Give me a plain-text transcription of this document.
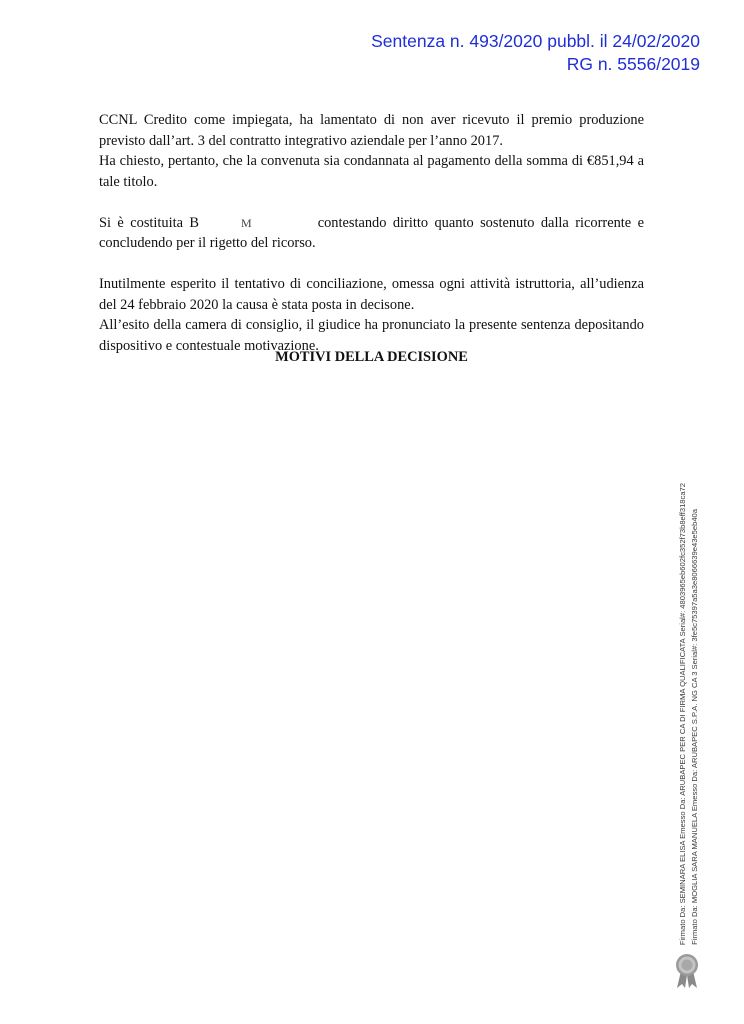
Sentenza n. 493/2020 pubbl. il 24/02/2020
RG n. 5556/2019

CCNL Credito come impiegata, ha lamentato di non aver ricevuto il premio produzione previsto dall’art. 3 del contratto integrativo aziendale per l’anno 2017.

Ha chiesto, pertanto, che la convenuta sia condannata al pagamento della somma di €851,94 a tale titolo.

Si è costituita B	M	contestando diritto quanto sostenuto dalla ricorrente e concludendo per il rigetto del ricorso.

Inutilmente esperito il tentativo di conciliazione, omessa ogni attività istruttoria, all’udienza del 24 febbraio 2020 la causa è stata posta in decisone.

All’esito della camera di consiglio, il giudice ha pronunciato la presente sentenza depositando dispositivo e contestuale motivazione.

MOTIVI DELLA DECISIONE
Firmato Da: SEMINARA ELISA Emesso Da: ARUBAPEC PER CA DI FIRMA QUALIFICATA Serial#: 4803965eb602fc352f73b8eff318ca72 Firmato Da: MOGLIA SARA MANUELA Emesso Da: ARUBAPEC S.P.A. NG CA 3 Serial#: 3fe5c75397a5a3e8066639e43e5eb40a
